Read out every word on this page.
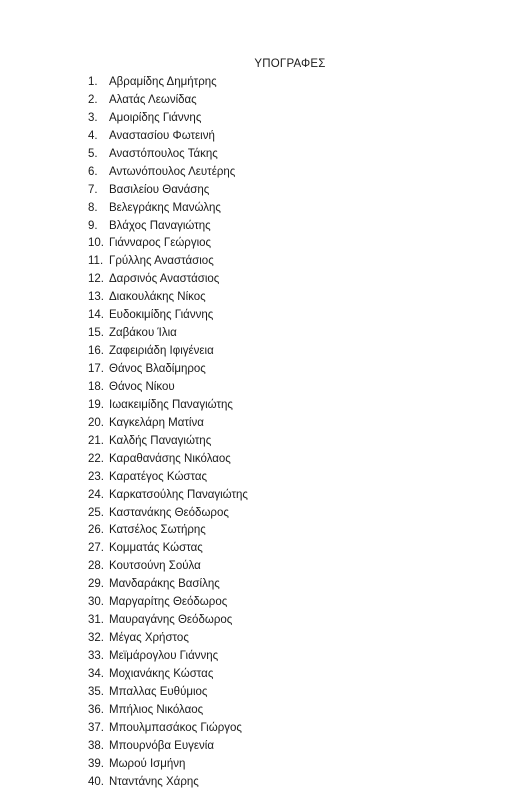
ΥΠΟΓΡΑΦΕΣ
1. Αβραμίδης Δημήτρης
2. Αλατάς Λεωνίδας
3. Αμοιρίδης Γιάννης
4. Αναστασίου Φωτεινή
5. Αναστόπουλος Τάκης
6. Αντωνόπουλος Λευτέρης
7. Βασιλείου Θανάσης
8. Βελεγράκης Μανώλης
9. Βλάχος Παναγιώτης
10. Γιάνναρος Γεώργιος
11. Γρύλλης Αναστάσιος
12. Δαρσινός Αναστάσιος
13. Διακουλάκης Νίκος
14. Ευδοκιμίδης Γιάννης
15. Ζαβάκου Ίλια
16. Ζαφειριάδη Ιφιγένεια
17. Θάνος Βλαδίμηρος
18. Θάνος Νίκου
19. Ιωακειμίδης Παναγιώτης
20. Καγκελάρη Ματίνα
21. Καλδής Παναγιώτης
22. Καραθανάσης Νικόλαος
23. Καρατέγος Κώστας
24. Καρκατσούλης Παναγιώτης
25. Καστανάκης Θεόδωρος
26. Κατσέλος Σωτήρης
27. Κομματάς Κώστας
28. Κουτσούνη Σούλα
29. Μανδαράκης Βασίλης
30. Μαργαρίτης Θεόδωρος
31. Μαυραγάνης Θεόδωρος
32. Μέγας Χρήστος
33. Μεϊμάρογλου Γιάννης
34. Μοχιανάκης Κώστας
35. Μπαλλας Ευθύμιος
36. Μπήλιος Νικόλαος
37. Μπουλμπασάκος Γιώργος
38. Μπουρνόβα Ευγενία
39. Μωρού Ισμήνη
40. Νταντάνης Χάρης
